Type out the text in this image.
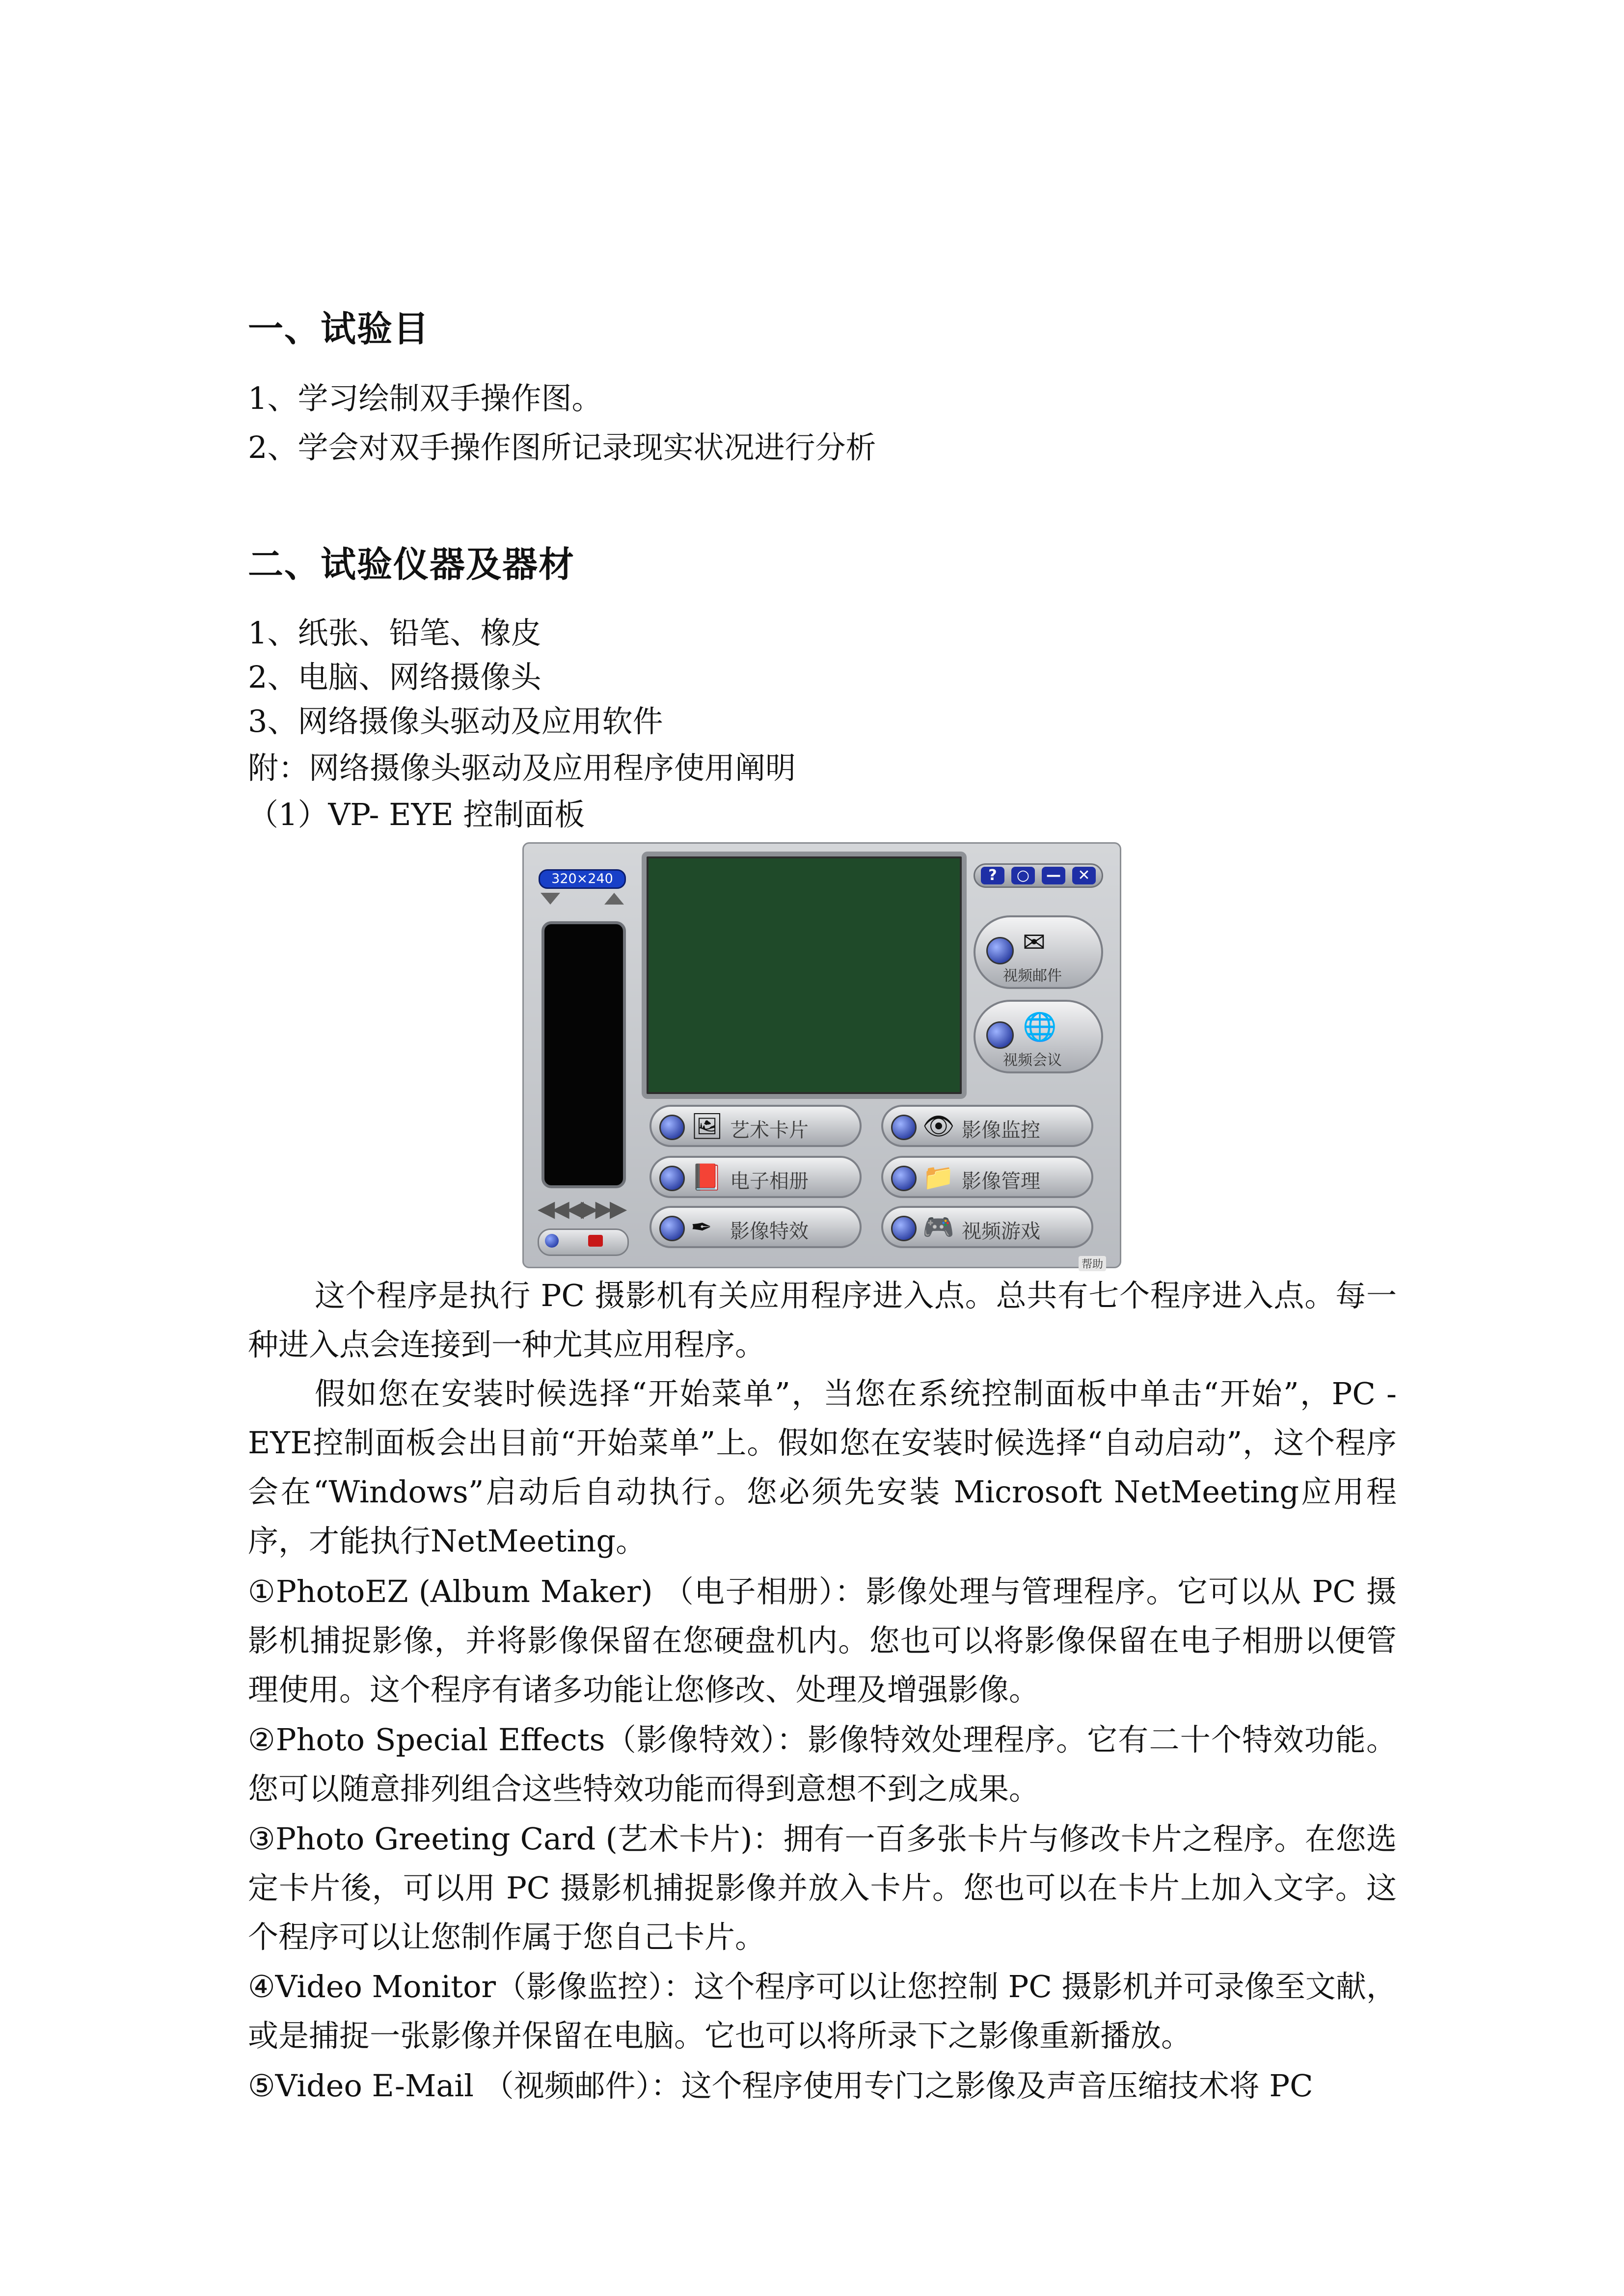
一、试验目

1、学习绘制双手操作图。

2、学会对双手操作图所记录现实状况进行分析

二、试验仪器及器材

1、纸张、铅笔、橡皮

2、电脑、网络摄像头

3、网络摄像头驱动及应用软件

附：网络摄像头驱动及应用程序使用阐明

（1）VP- EYE 控制面板

320×240
◀◀◀▶▶▶
?	○	—	✕
✉
视频邮件
🌐
视频会议
🖼 艺术卡片	👁 影像监控
📕 电子相册	📁 影像管理
✒ 影像特效	🎮 视频游戏
帮助

这个程序是执行 PC 摄影机有关应用程序进入点。总共有七个程序进入点。每一种进入点会连接到一种尤其应用程序。

假如您在安装时候选择“开始菜单”，当您在系统控制面板中单击“开始”，PC - EYE控制面板会出目前“开始菜单”上。假如您在安装时候选择“自动启动”，这个程序会在“Windows”启动后自动执行。您必须先安装 Microsoft NetMeeting应用程序，才能执行NetMeeting。

①PhotoEZ (Album Maker) （电子相册）：影像处理与管理程序。它可以从 PC 摄影机捕捉影像，并将影像保留在您硬盘机内。您也可以将影像保留在电子相册以便管理使用。这个程序有诸多功能让您修改、处理及增强影像。

②Photo Special Effects（影像特效）：影像特效处理程序。它有二十个特效功能。您可以随意排列组合这些特效功能而得到意想不到之成果。

③Photo Greeting Card (艺术卡片)：拥有一百多张卡片与修改卡片之程序。在您选定卡片後，可以用 PC 摄影机捕捉影像并放入卡片。您也可以在卡片上加入文字。这个程序可以让您制作属于您自己卡片。

④Video Monitor（影像监控）：这个程序可以让您控制 PC 摄影机并可录像至文献，或是捕捉一张影像并保留在电脑。它也可以将所录下之影像重新播放。

⑤Video E-Mail （视频邮件）：这个程序使用专门之影像及声音压缩技术将 PC
